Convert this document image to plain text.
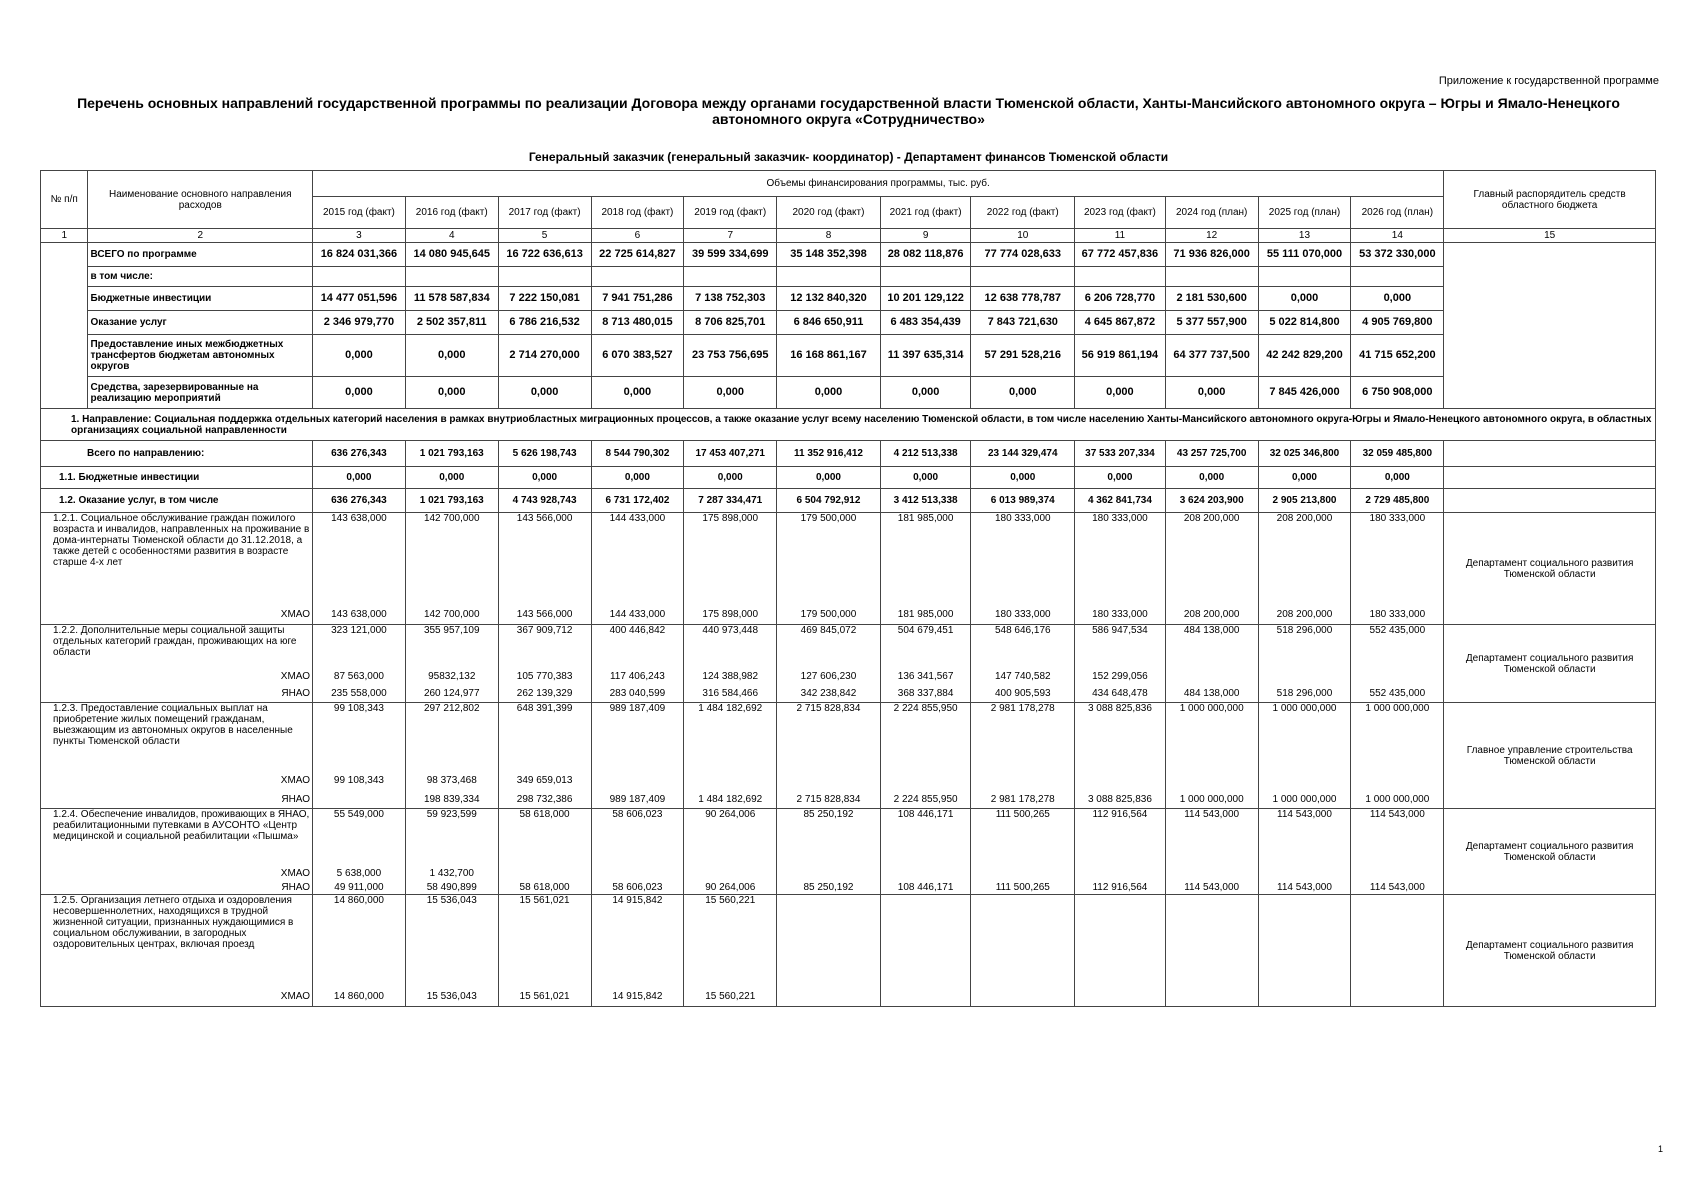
Приложение к государственной программе
Перечень основных направлений государственной программы по реализации Договора между органами государственной власти Тюменской области, Ханты-Мансийского автономного округа – Югры и Ямало-Ненецкого автономного округа «Сотрудничество»
Генеральный заказчик (генеральный заказчик- координатор) - Департамент финансов Тюменской области
№ п/п	Наименование основного направления расходов	Объемы финансирования программы, тыс. руб.												Главный распорядитель средств областного бюджета
		2015 год (факт)	2016 год (факт)	2017 год (факт)	2018 год (факт)	2019 год (факт)	2020 год (факт)	2021 год (факт)	2022 год (факт)	2023 год (факт)	2024 год (план)	2025 год (план)	2026 год (план)	
1	2	3	4	5	6	7	8	9	10	11	12	13	14	15
	ВСЕГО по программе	16 824 031,366	14 080 945,645	16 722 636,613	22 725 614,827	39 599 334,699	35 148 352,398	28 082 118,876	77 774 028,633	67 772 457,836	71 936 826,000	55 111 070,000	53 372 330,000	
	в том числе:													
	Бюджетные инвестиции	14 477 051,596	11 578 587,834	7 222 150,081	7 941 751,286	7 138 752,303	12 132 840,320	10 201 129,122	12 638 778,787	6 206 728,770	2 181 530,600	0,000	0,000	
	Оказание услуг	2 346 979,770	2 502 357,811	6 786 216,532	8 713 480,015	8 706 825,701	6 846 650,911	6 483 354,439	7 843 721,630	4 645 867,872	5 377 557,900	5 022 814,800	4 905 769,800	
	Предоставление иных межбюджетных трансфертов бюджетам автономных округов	0,000	0,000	2 714 270,000	6 070 383,527	23 753 756,695	16 168 861,167	11 397 635,314	57 291 528,216	56 919 861,194	64 377 737,500	42 242 829,200	41 715 652,200	
	Средства, зарезервированные на реализацию мероприятий	0,000	0,000	0,000	0,000	0,000	0,000	0,000	0,000	0,000	0,000	7 845 426,000	6 750 908,000	
1. Направление: Социальная поддержка отдельных категорий населения в рамках внутриобластных миграционных процессов, а также оказание услуг всему населению Тюменской области, в том числе населению Ханты-Мансийского автономного округа-Югры и Ямало-Ненецкого автономного округа, в областных организациях социальной направленности														
Всего по направлению:		636 276,343	1 021 793,163	5 626 198,743	8 544 790,302	17 453 407,271	11 352 916,412	4 212 513,338	23 144 329,474	37 533 207,334	43 257 725,700	32 025 346,800	32 059 485,800	
1.1. Бюджетные инвестиции		0,000	0,000	0,000	0,000	0,000	0,000	0,000	0,000	0,000	0,000	0,000	0,000	
1.2. Оказание услуг, в том числе		636 276,343	1 021 793,163	4 743 928,743	6 731 172,402	7 287 334,471	6 504 792,912	3 412 513,338	6 013 989,374	4 362 841,734	3 624 203,900	2 905 213,800	2 729 485,800	
1.2.1. Социальное обслуживание граждан пожилого возраста и инвалидов, направленных на проживание в дома-интернаты Тюменской области до 31.12.2018, а также детей с особенностями развития в возрасте старше 4-х лет		143 638,000	142 700,000	143 566,000	144 433,000	175 898,000	179 500,000	181 985,000	180 333,000	180 333,000	208 200,000	208 200,000	180 333,000	Департамент социального развития Тюменской области
ХМАО		143 638,000	142 700,000	143 566,000	144 433,000	175 898,000	179 500,000	181 985,000	180 333,000	180 333,000	208 200,000	208 200,000	180 333,000	
1.2.2. Дополнительные меры социальной защиты отдельных категорий граждан, проживающих на юге области		323 121,000	355 957,109	367 909,712	400 446,842	440 973,448	469 845,072	504 679,451	548 646,176	586 947,534	484 138,000	518 296,000	552 435,000	Департамент социального развития Тюменской области
ХМАО		87 563,000	95832,132	105 770,383	117 406,243	124 388,982	127 606,230	136 341,567	147 740,582	152 299,056				
ЯНАО		235 558,000	260 124,977	262 139,329	283 040,599	316 584,466	342 238,842	368 337,884	400 905,593	434 648,478	484 138,000	518 296,000	552 435,000	
1.2.3. Предоставление социальных выплат на приобретение жилых помещений гражданам, выезжающим из автономных округов в населенные пункты Тюменской области		99 108,343	297 212,802	648 391,399	989 187,409	1 484 182,692	2 715 828,834	2 224 855,950	2 981 178,278	3 088 825,836	1 000 000,000	1 000 000,000	1 000 000,000	Главное управление строительства Тюменской области
ХМАО		99 108,343	98 373,468	349 659,013										
ЯНАО			198 839,334	298 732,386	989 187,409	1 484 182,692	2 715 828,834	2 224 855,950	2 981 178,278	3 088 825,836	1 000 000,000	1 000 000,000	1 000 000,000	
1.2.4. Обеспечение инвалидов, проживающих в ЯНАО, реабилитационными путевками в АУСОНТО «Центр медицинской и социальной реабилитации «Пышма»		55 549,000	59 923,599	58 618,000	58 606,023	90 264,006	85 250,192	108 446,171	111 500,265	112 916,564	114 543,000	114 543,000	114 543,000	Департамент социального развития Тюменской области
ХМАО		5 638,000	1 432,700											
ЯНАО		49 911,000	58 490,899	58 618,000	58 606,023	90 264,006	85 250,192	108 446,171	111 500,265	112 916,564	114 543,000	114 543,000	114 543,000	
1.2.5. Организация летнего отдыха и оздоровления несовершеннолетних, находящихся в трудной жизненной ситуации, признанных нуждающимися в социальном обслуживании, в загородных оздоровительных центрах, включая проезд		14 860,000	15 536,043	15 561,021	14 915,842	15 560,221								Департамент социального развития Тюменской области
ХМАО		14 860,000	15 536,043	15 561,021	14 915,842	15 560,221								
1
